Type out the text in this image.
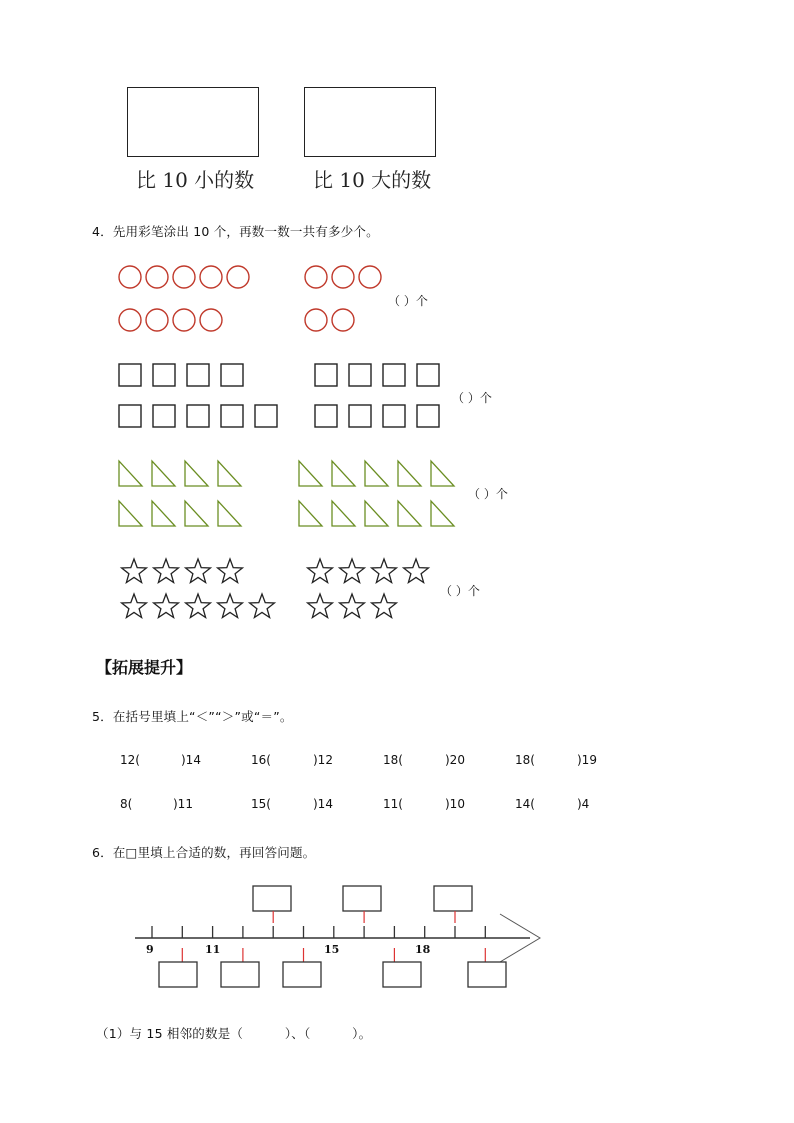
比 10 小的数	比 10 大的数
4．先用彩笔涂出 10 个，再数一数一共有多少个。
（ ）个
（ ）个
（ ）个
（ ）个
【拓展提升】
5．在括号里填上“＜”“＞”或“＝”。
12(	)14	16(	)12	18(	)20	18(	)19
8(	)11	15(	)14	11(	)10	14(	)4
6．在□里填上合适的数，再回答问题。
9	11	15	18
（1）与 15 相邻的数是（          ）、（          ）。
